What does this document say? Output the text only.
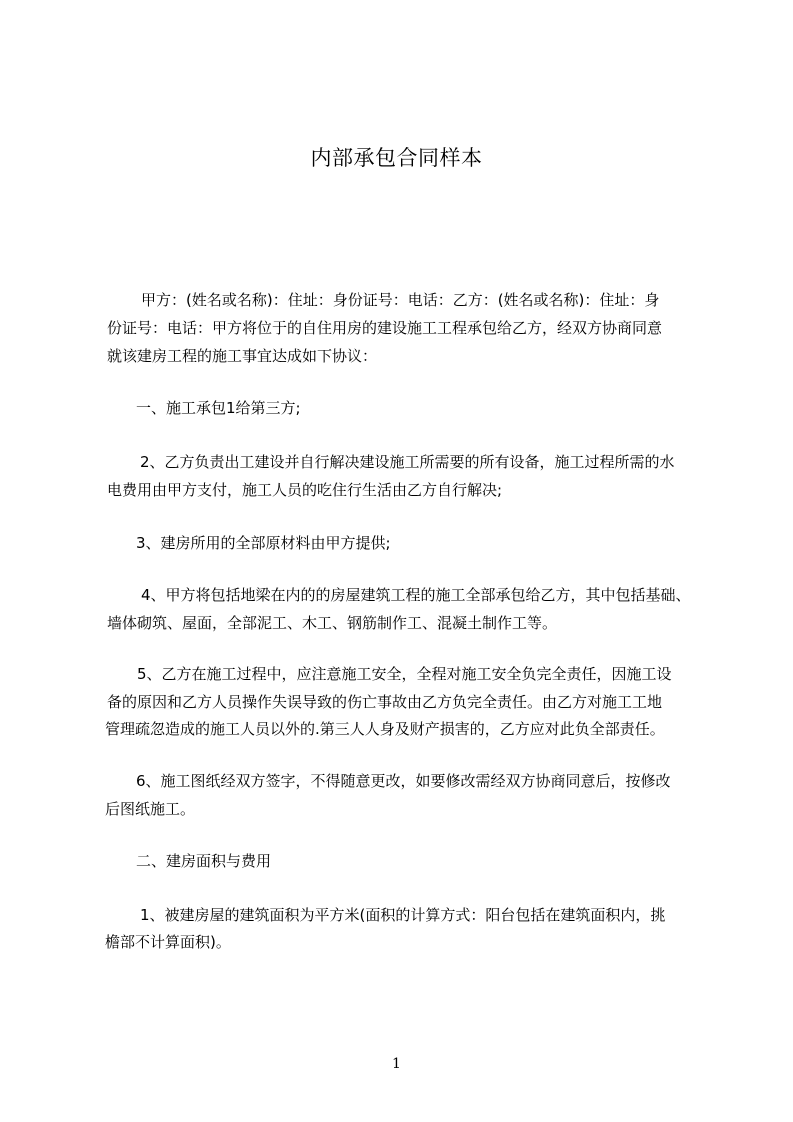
内部承包合同样本
甲方：(姓名或名称)：住址：身份证号：电话：乙方：(姓名或名称)：住址：身
份证号：电话：甲方将位于的自住用房的建设施工工程承包给乙方，经双方协商同意
就该建房工程的施工事宜达成如下协议：
一、施工承包1给第三方;
2、乙方负责出工建设并自行解决建设施工所需要的所有设备，施工过程所需的水
电费用由甲方支付，施工人员的吃住行生活由乙方自行解决;
3、建房所用的全部原材料由甲方提供;
4、甲方将包括地梁在内的的房屋建筑工程的施工全部承包给乙方，其中包括基础、
墙体砌筑、屋面，全部泥工、木工、钢筋制作工、混凝土制作工等。
5、乙方在施工过程中，应注意施工安全，全程对施工安全负完全责任，因施工设
备的原因和乙方人员操作失误导致的伤亡事故由乙方负完全责任。由乙方对施工工地
管理疏忽造成的施工人员以外的.第三人人身及财产损害的，乙方应对此负全部责任。
6、施工图纸经双方签字，不得随意更改，如要修改需经双方协商同意后，按修改
后图纸施工。
二、建房面积与费用
1、被建房屋的建筑面积为平方米(面积的计算方式：阳台包括在建筑面积内，挑
檐部不计算面积)。
1
